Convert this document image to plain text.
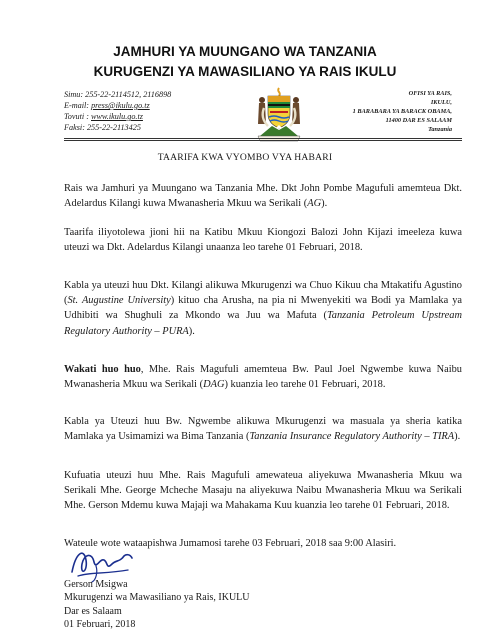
JAMHURI YA MUUNGANO WA TANZANIA
KURUGENZI YA MAWASILIANO YA RAIS IKULU
Simu: 255-22-2114512, 2116898
E-mail: press@ikulu.go.tz
Tovuti : www.ikulu.go.tz
Faksi: 255-22-2113425
OFISI YA RAIS,
IKULU,
1 BARABARA YA BARACK OBAMA,
11400 DAR ES SALAAM
Tanzania
TAARIFA KWA VYOMBO VYA HABARI

Rais wa Jamhuri ya Muungano wa Tanzania Mhe. Dkt John Pombe Magufuli amemteua Dkt. Adelardus Kilangi kuwa Mwanasheria Mkuu wa Serikali (AG).

Taarifa iliyotolewa jioni hii na Katibu Mkuu Kiongozi Balozi John Kijazi imeeleza kuwa uteuzi wa Dkt. Adelardus Kilangi unaanza leo tarehe 01 Februari, 2018.

Kabla ya uteuzi huu Dkt. Kilangi alikuwa Mkurugenzi wa Chuo Kikuu cha Mtakatifu Agustino (St. Augustine University) kituo cha Arusha, na pia ni Mwenyekiti wa Bodi ya Mamlaka ya Udhibiti wa Shughuli za Mkondo wa Juu wa Mafuta (Tanzania Petroleum Upstream Regulatory Authority – PURA).

Wakati huo huo, Mhe. Rais Magufuli amemteua Bw. Paul Joel Ngwembe kuwa Naibu Mwanasheria Mkuu wa Serikali (DAG) kuanzia leo tarehe 01 Februari, 2018.

Kabla ya Uteuzi huu Bw. Ngwembe alikuwa Mkurugenzi wa masuala ya sheria katika Mamlaka ya Usimamizi wa Bima Tanzania (Tanzania Insurance Regulatory Authority – TIRA).

Kufuatia uteuzi huu Mhe. Rais Magufuli amewateua aliyekuwa Mwanasheria Mkuu wa Serikali Mhe. George Mcheche Masaju na aliyekuwa Naibu Mwanasheria Mkuu wa Serikali Mhe. Gerson Mdemu kuwa Majaji wa Mahakama Kuu kuanzia leo tarehe 01 Februari, 2018.

Wateule wote wataapishwa Jumamosi tarehe 03 Februari, 2018 saa 9:00 Alasiri.

Gerson Msigwa
Mkurugenzi wa Mawasiliano ya Rais, IKULU
Dar es Salaam
01 Februari, 2018
